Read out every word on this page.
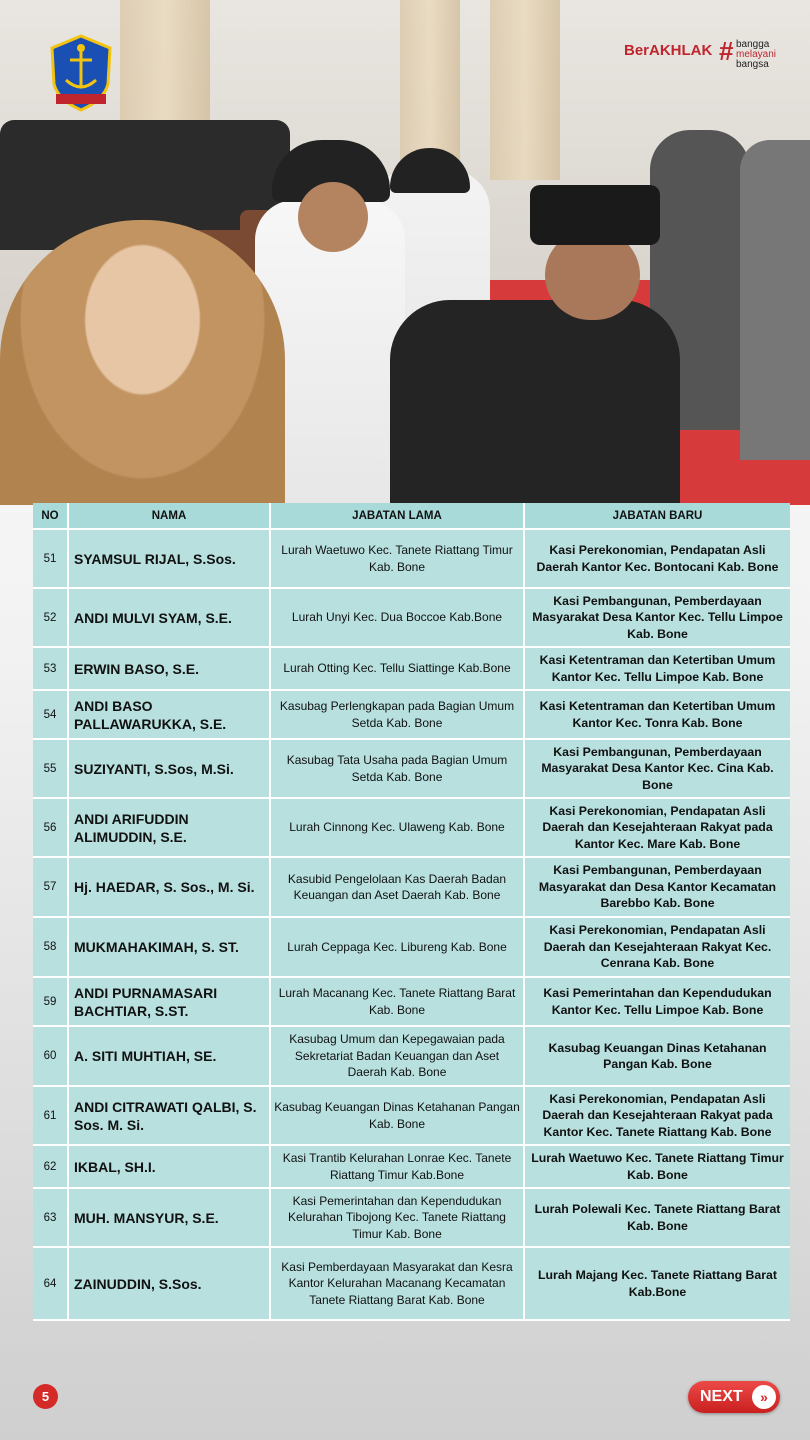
BerAKHLAK # bangga
melayani
bangsa
NO	NAMA	JABATAN LAMA	JABATAN BARU
51	SYAMSUL RIJAL, S.Sos.	Lurah Waetuwo Kec. Tanete Riattang Timur Kab. Bone	Kasi Perekonomian, Pendapatan Asli Daerah Kantor Kec. Bontocani Kab. Bone
52	ANDI MULVI SYAM, S.E.	Lurah Unyi Kec. Dua Boccoe Kab.Bone	Kasi Pembangunan, Pemberdayaan Masyarakat Desa Kantor Kec. Tellu Limpoe Kab. Bone
53	ERWIN BASO, S.E.	Lurah Otting Kec. Tellu Siattinge Kab.Bone	Kasi Ketentraman dan Ketertiban Umum Kantor Kec. Tellu Limpoe Kab. Bone
54	ANDI BASO PALLAWARUKKA, S.E.	Kasubag Perlengkapan pada Bagian Umum Setda Kab. Bone	Kasi Ketentraman dan Ketertiban Umum Kantor Kec. Tonra Kab. Bone
55	SUZIYANTI, S.Sos, M.Si.	Kasubag Tata Usaha pada Bagian Umum Setda Kab. Bone	Kasi Pembangunan, Pemberdayaan Masyarakat Desa Kantor Kec. Cina Kab. Bone
56	ANDI ARIFUDDIN ALIMUDDIN, S.E.	Lurah Cinnong Kec. Ulaweng Kab. Bone	Kasi Perekonomian, Pendapatan Asli Daerah dan Kesejahteraan Rakyat pada Kantor Kec. Mare Kab. Bone
57	Hj. HAEDAR, S. Sos., M. Si.	Kasubid Pengelolaan Kas Daerah Badan Keuangan dan Aset Daerah Kab. Bone	Kasi Pembangunan, Pemberdayaan Masyarakat dan Desa Kantor Kecamatan Barebbo Kab. Bone
58	MUKMAHAKIMAH, S. ST.	Lurah Ceppaga Kec. Libureng Kab. Bone	Kasi Perekonomian, Pendapatan Asli Daerah dan Kesejahteraan Rakyat Kec. Cenrana Kab. Bone
59	ANDI PURNAMASARI BACHTIAR, S.ST.	Lurah Macanang Kec. Tanete Riattang Barat Kab. Bone	Kasi Pemerintahan dan Kependudukan Kantor Kec. Tellu Limpoe Kab. Bone
60	A. SITI MUHTIAH, SE.	Kasubag Umum dan Kepegawaian pada Sekretariat Badan Keuangan dan Aset Daerah Kab. Bone	Kasubag Keuangan Dinas Ketahanan Pangan Kab. Bone
61	ANDI CITRAWATI QALBI, S. Sos. M. Si.	Kasubag Keuangan Dinas Ketahanan Pangan Kab. Bone	Kasi Perekonomian, Pendapatan Asli Daerah dan Kesejahteraan Rakyat pada Kantor Kec. Tanete Riattang Kab. Bone
62	IKBAL, SH.I.	Kasi Trantib Kelurahan Lonrae Kec. Tanete Riattang Timur Kab.Bone	Lurah Waetuwo Kec. Tanete Riattang Timur Kab. Bone
63	MUH. MANSYUR, S.E.	Kasi Pemerintahan dan Kependudukan Kelurahan Tibojong Kec. Tanete Riattang Timur Kab. Bone	Lurah Polewali Kec. Tanete Riattang Barat Kab. Bone
64	ZAINUDDIN, S.Sos.	Kasi Pemberdayaan Masyarakat dan Kesra Kantor Kelurahan Macanang Kecamatan Tanete Riattang Barat Kab. Bone	Lurah Majang Kec. Tanete Riattang Barat Kab.Bone
5	NEXT	»
